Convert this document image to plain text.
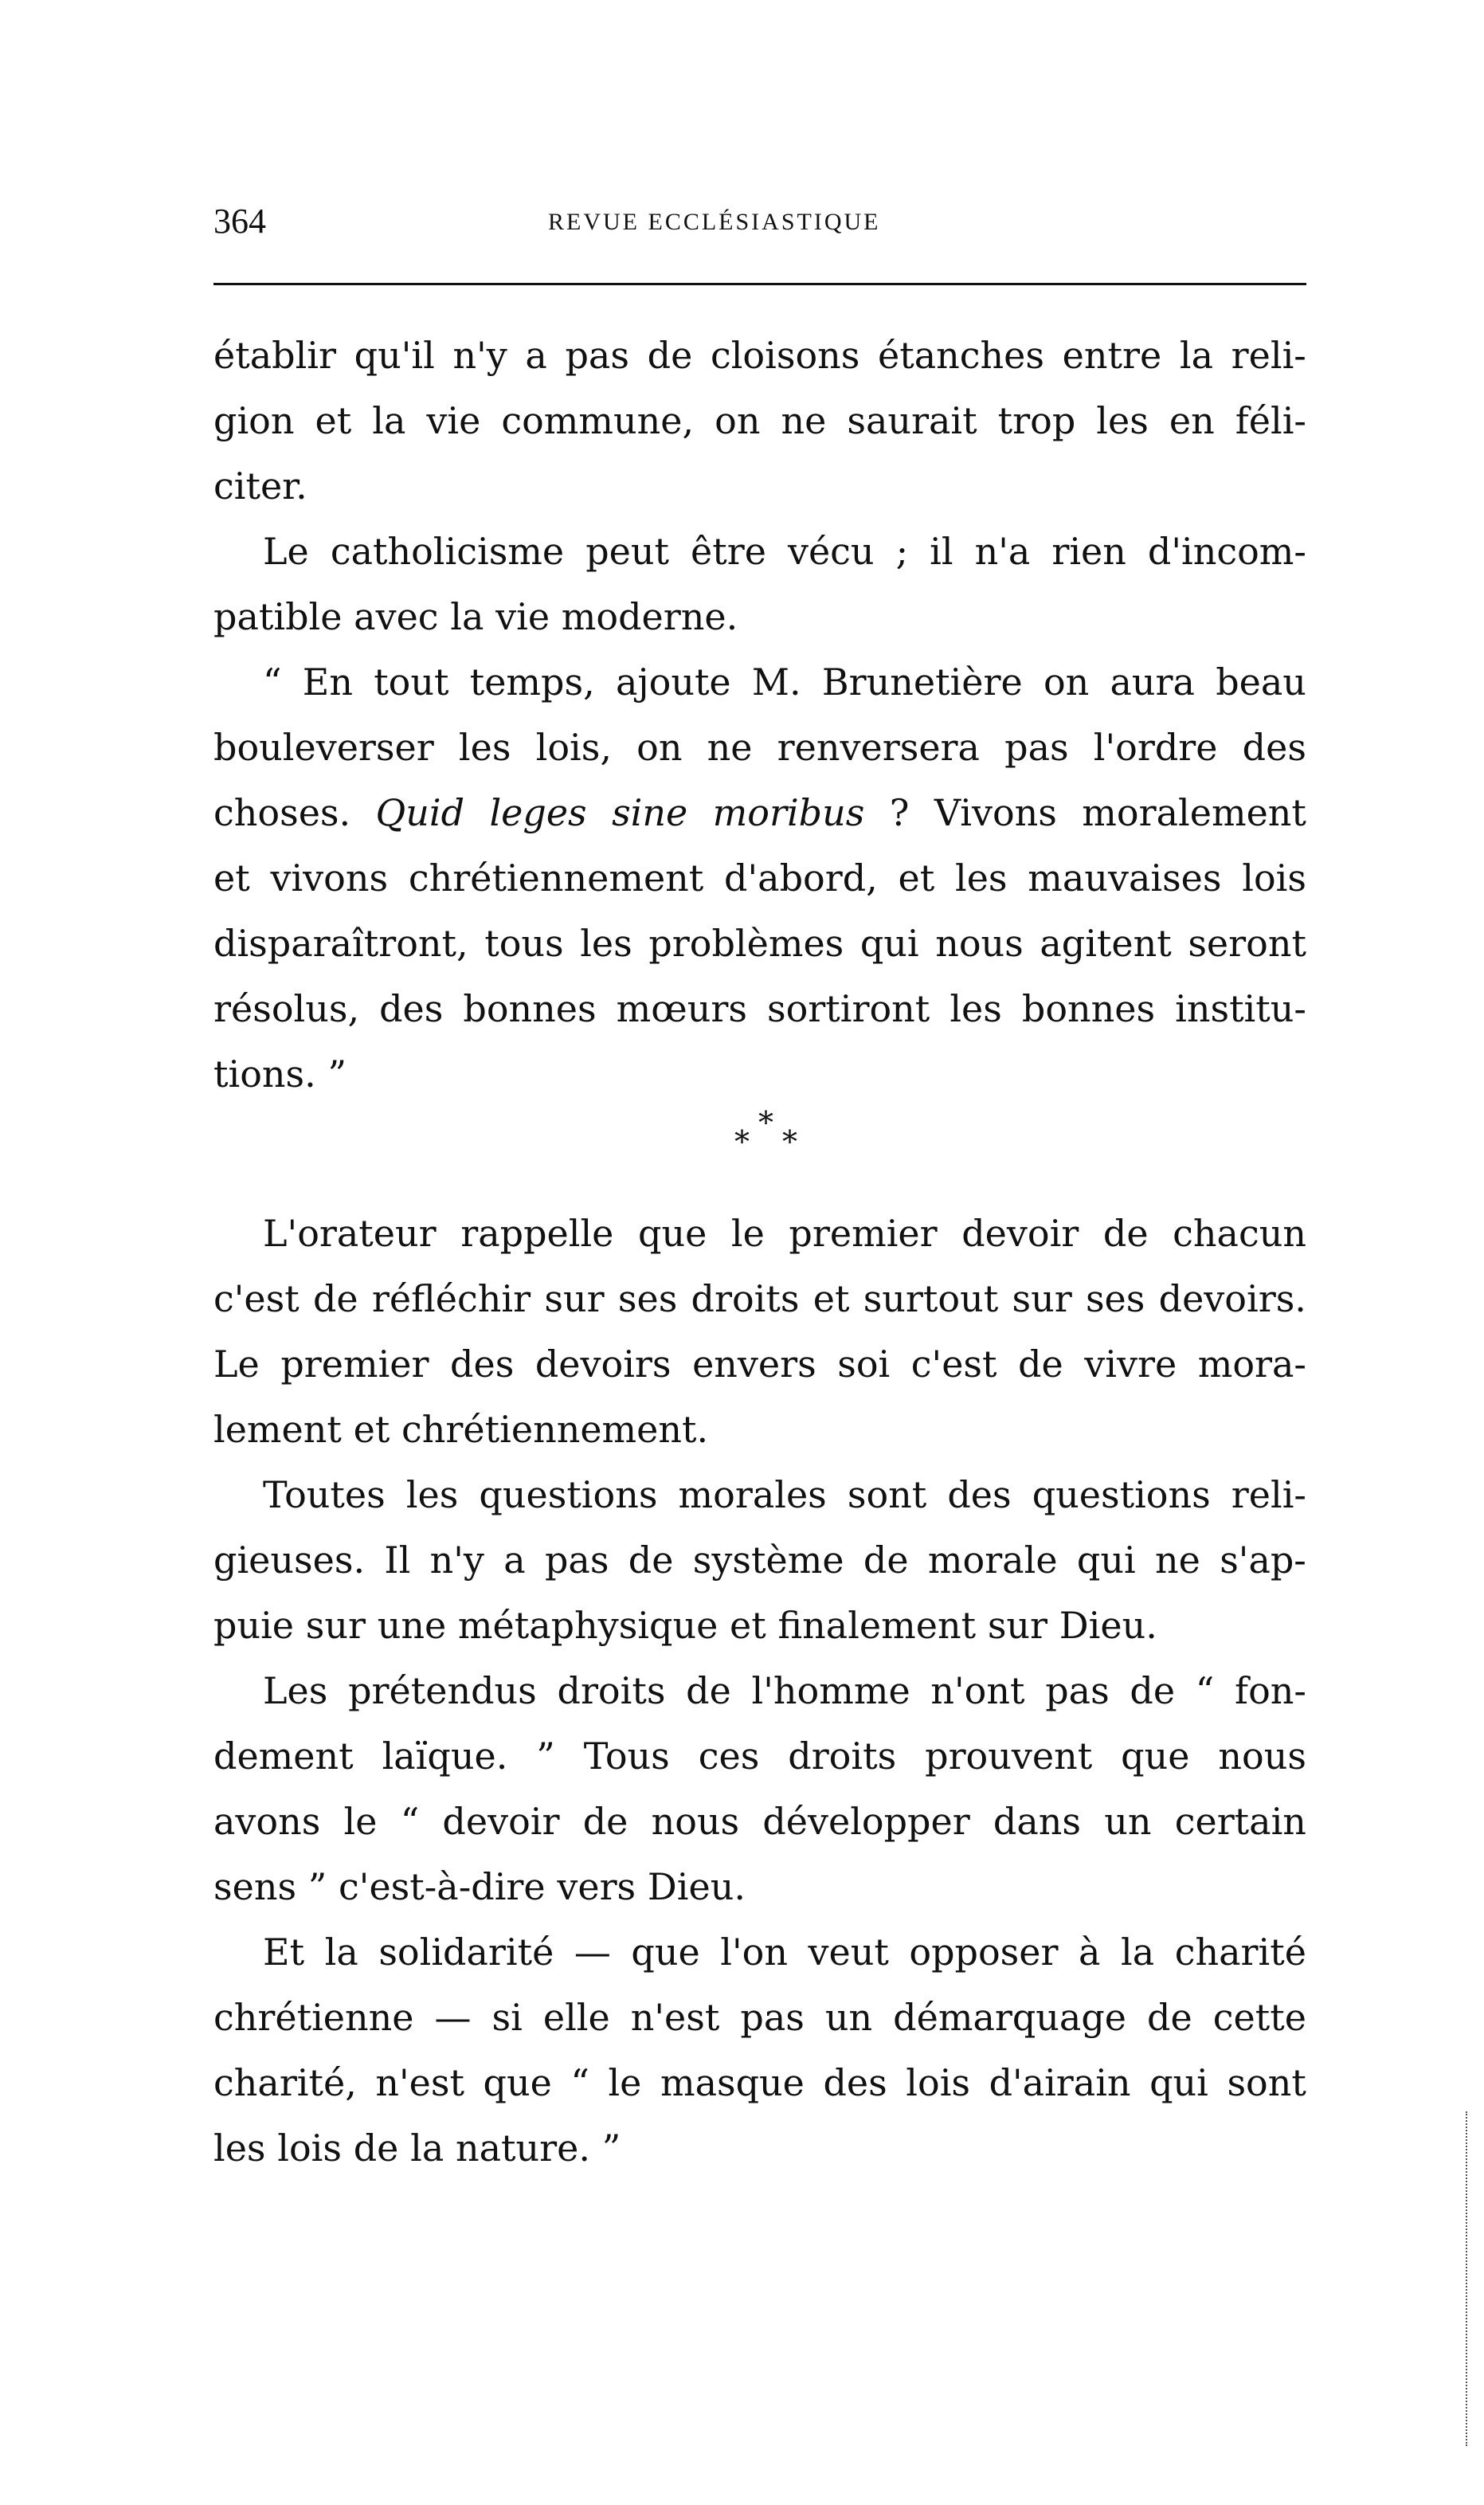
364	REVUE ECCLÉSIASTIQUE
établir qu'il n'y a pas de cloisons étanches entre la reli-
gion et la vie commune, on ne saurait trop les en féli-
citer.
Le catholicisme peut être vécu ; il n'a rien d'incom-
patible avec la vie moderne.
“ En tout temps, ajoute M. Brunetière on aura beau
bouleverser les lois, on ne renversera pas l'ordre des
choses. Quid leges sine moribus ? Vivons moralement
et vivons chrétiennement d'abord, et les mauvaises lois
disparaîtront, tous les problèmes qui nous agitent seront
résolus, des bonnes mœurs sortiront les bonnes institu-
tions. ”
*
* *
L'orateur rappelle que le premier devoir de chacun
c'est de réfléchir sur ses droits et surtout sur ses devoirs.
Le premier des devoirs envers soi c'est de vivre mora-
lement et chrétiennement.
Toutes les questions morales sont des questions reli-
gieuses. Il n'y a pas de système de morale qui ne s'ap-
puie sur une métaphysique et finalement sur Dieu.
Les prétendus droits de l'homme n'ont pas de “ fon-
dement laïque. ” Tous ces droits prouvent que nous
avons le “ devoir de nous développer dans un certain
sens ” c'est-à-dire vers Dieu.
Et la solidarité — que l'on veut opposer à la charité
chrétienne — si elle n'est pas un démarquage de cette
charité, n'est que “ le masque des lois d'airain qui sont
les lois de la nature. ”
